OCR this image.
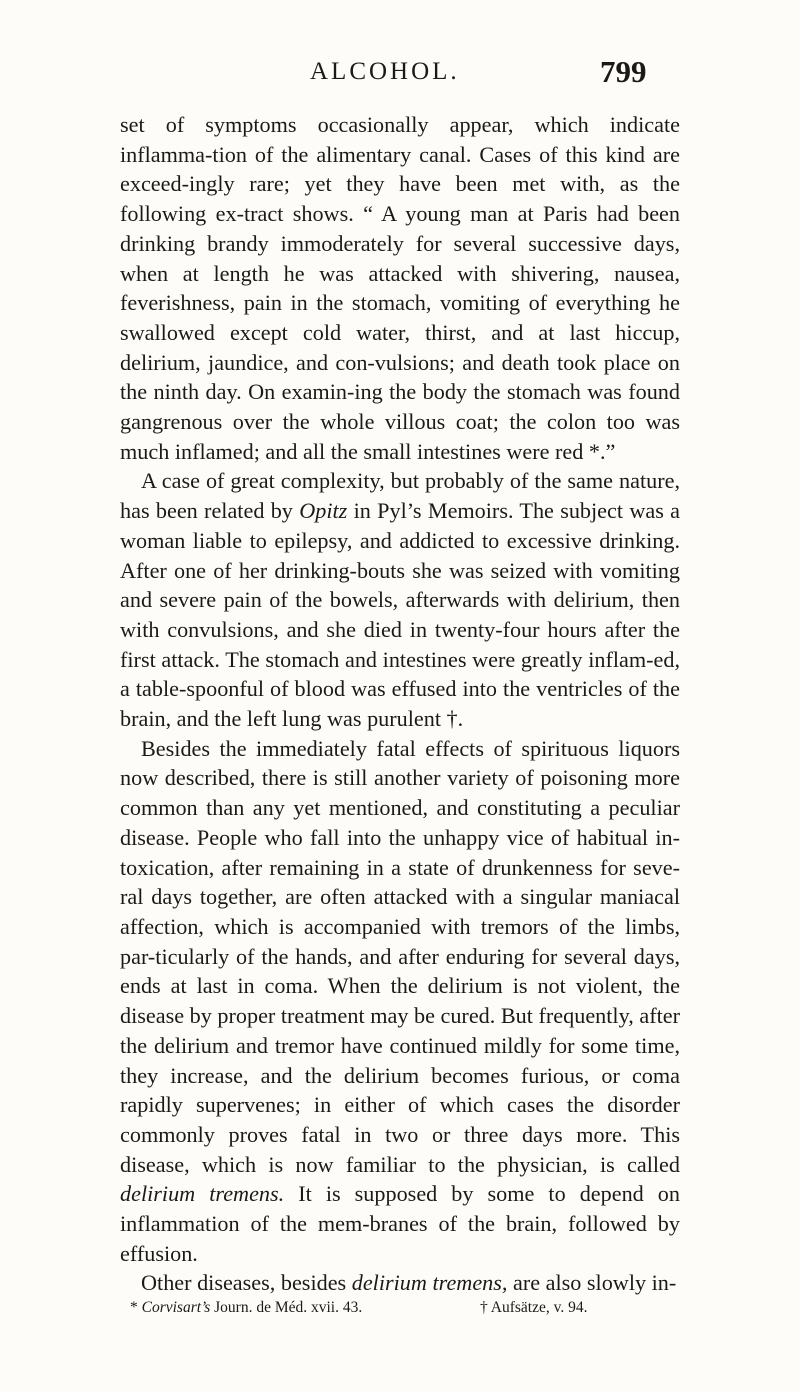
ALCOHOL.	799

set of symptoms occasionally appear, which indicate inflamma-tion of the alimentary canal. Cases of this kind are exceed-ingly rare; yet they have been met with, as the following ex-tract shows. “ A young man at Paris had been drinking brandy immoderately for several successive days, when at length he was attacked with shivering, nausea, feverishness, pain in the stomach, vomiting of everything he swallowed except cold water, thirst, and at last hiccup, delirium, jaundice, and con-vulsions; and death took place on the ninth day. On examin-ing the body the stomach was found gangrenous over the whole villous coat; the colon too was much inflamed; and all the small intestines were red *.”

A case of great complexity, but probably of the same nature, has been related by Opitz in Pyl’s Memoirs. The subject was a woman liable to epilepsy, and addicted to excessive drinking. After one of her drinking-bouts she was seized with vomiting and severe pain of the bowels, afterwards with delirium, then with convulsions, and she died in twenty-four hours after the first attack. The stomach and intestines were greatly inflam-ed, a table-spoonful of blood was effused into the ventricles of the brain, and the left lung was purulent †.

Besides the immediately fatal effects of spirituous liquors now described, there is still another variety of poisoning more common than any yet mentioned, and constituting a peculiar disease. People who fall into the unhappy vice of habitual in-toxication, after remaining in a state of drunkenness for seve-ral days together, are often attacked with a singular maniacal affection, which is accompanied with tremors of the limbs, par-ticularly of the hands, and after enduring for several days, ends at last in coma. When the delirium is not violent, the disease by proper treatment may be cured. But frequently, after the delirium and tremor have continued mildly for some time, they increase, and the delirium becomes furious, or coma rapidly supervenes; in either of which cases the disorder commonly proves fatal in two or three days more. This disease, which is now familiar to the physician, is called delirium tremens. It is supposed by some to depend on inflammation of the mem-branes of the brain, followed by effusion.

Other diseases, besides delirium tremens, are also slowly in-

* Corvisart’s Journ. de Méd. xvii. 43.	† Aufsätze, v. 94.
